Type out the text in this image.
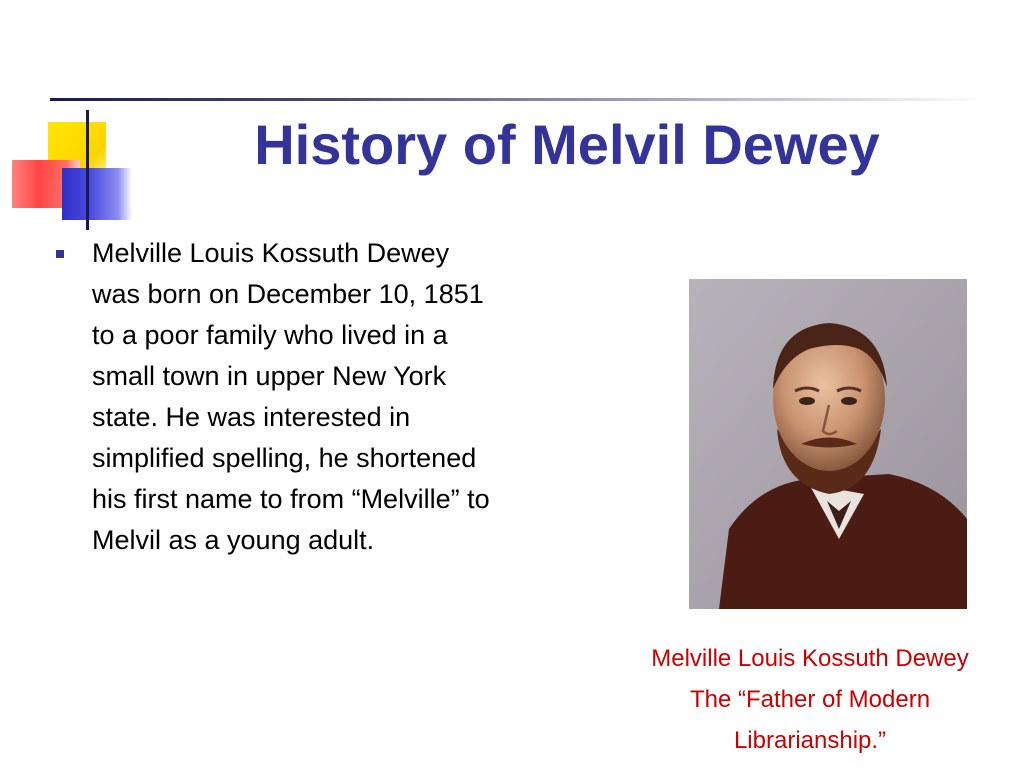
History of Melvil Dewey

Melville Louis Kossuth Dewey was born on December 10, 1851 to a poor family who lived in a small town in upper New York state. He was interested in simplified spelling, he shortened his first name to from “Melville” to Melvil as a young adult.

Melville Louis Kossuth Dewey
The “Father of Modern
Librarianship.”
